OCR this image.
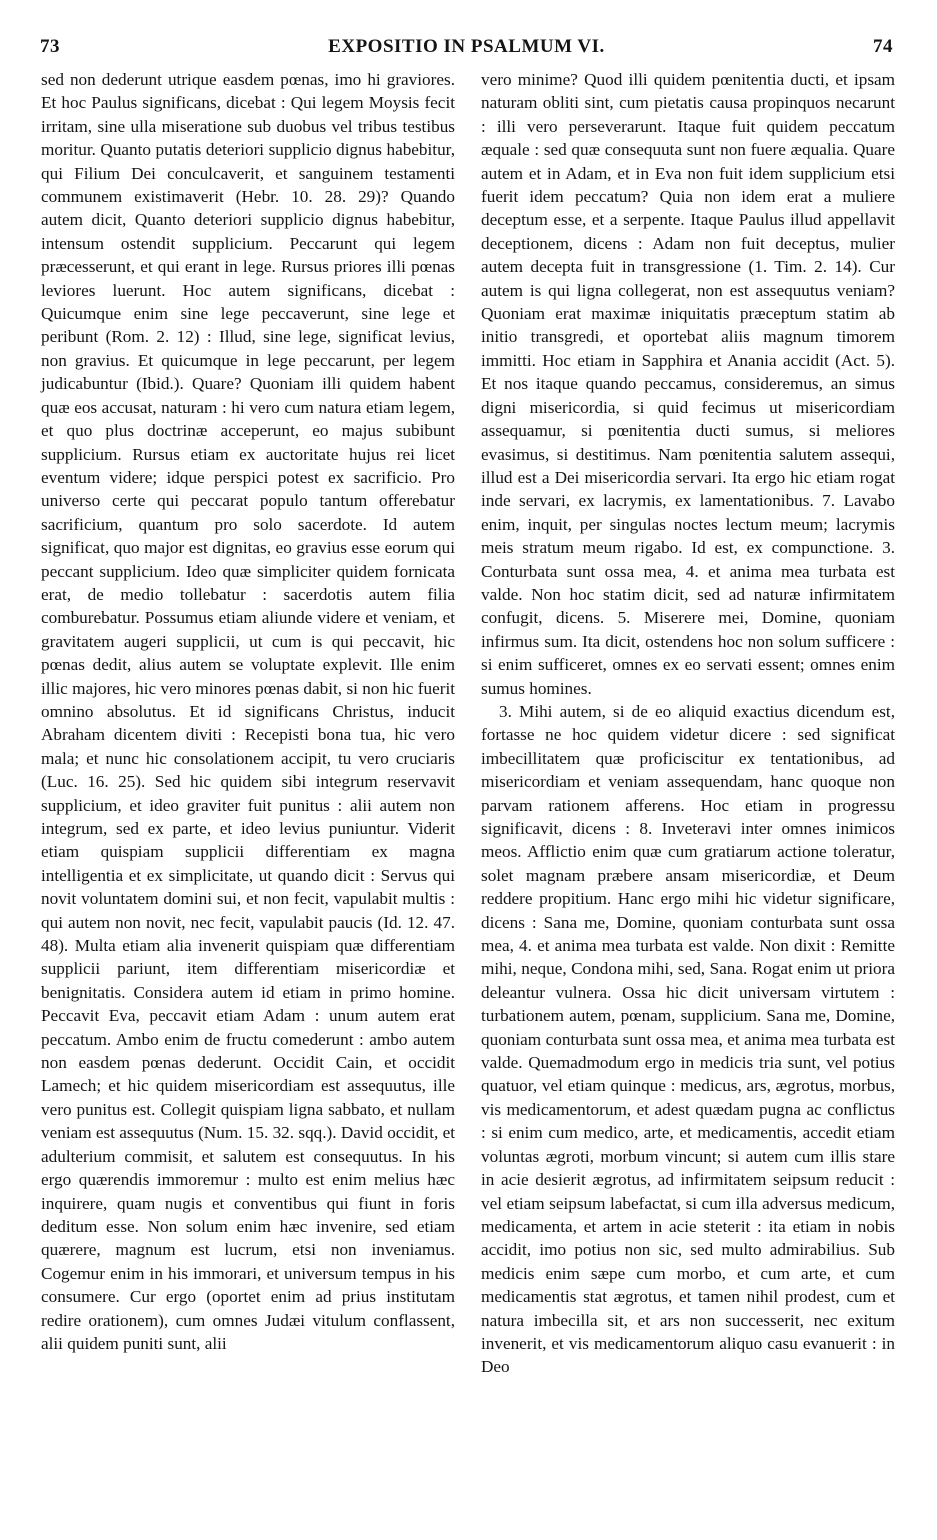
73	EXPOSITIO IN PSALMUM VI.	74

sed non dederunt utrique easdem pœnas, imo hi graviores. Et hoc Paulus significans, dicebat : Qui legem Moysis fecit irritam, sine ulla miseratione sub duobus vel tribus testibus moritur. Quanto putatis deteriori supplicio dignus habebitur, qui Filium Dei conculcaverit, et sanguinem testamenti communem existimaverit (Hebr. 10. 28. 29)? Quando autem dicit, Quanto deteriori supplicio dignus habebitur, intensum ostendit supplicium. Peccarunt qui legem præcesserunt, et qui erant in lege. Rursus priores illi pœnas leviores luerunt. Hoc autem significans, dicebat : Quicumque enim sine lege peccaverunt, sine lege et peribunt (Rom. 2. 12) : Illud, sine lege, significat levius, non gravius. Et quicumque in lege peccarunt, per legem judicabuntur (Ibid.). Quare? Quoniam illi quidem habent quæ eos accusat, naturam : hi vero cum natura etiam legem, et quo plus doctrinæ acceperunt, eo majus subibunt supplicium. Rursus etiam ex auctoritate hujus rei licet eventum videre; idque perspici potest ex sacrificio. Pro universo certe qui peccarat populo tantum offerebatur sacrificium, quantum pro solo sacerdote. Id autem significat, quo major est dignitas, eo gravius esse eorum qui peccant supplicium. Ideo quæ simpliciter quidem fornicata erat, de medio tollebatur : sacerdotis autem filia comburebatur. Possumus etiam aliunde videre et veniam, et gravitatem augeri supplicii, ut cum is qui peccavit, hic pœnas dedit, alius autem se voluptate explevit. Ille enim illic majores, hic vero minores pœnas dabit, si non hic fuerit omnino absolutus. Et id significans Christus, inducit Abraham dicentem diviti : Recepisti bona tua, hic vero mala; et nunc hic consolationem accipit, tu vero cruciaris (Luc. 16. 25). Sed hic quidem sibi integrum reservavit supplicium, et ideo graviter fuit punitus : alii autem non integrum, sed ex parte, et ideo levius puniuntur. Viderit etiam quispiam supplicii differentiam ex magna intelligentia et ex simplicitate, ut quando dicit : Servus qui novit voluntatem domini sui, et non fecit, vapulabit multis : qui autem non novit, nec fecit, vapulabit paucis (Id. 12. 47. 48). Multa etiam alia invenerit quispiam quæ differentiam supplicii pariunt, item differentiam misericordiæ et benignitatis. Considera autem id etiam in primo homine. Peccavit Eva, peccavit etiam Adam : unum autem erat peccatum. Ambo enim de fructu comederunt : ambo autem non easdem pœnas dederunt. Occidit Cain, et occidit Lamech; et hic quidem misericordiam est assequutus, ille vero punitus est. Collegit quispiam ligna sabbato, et nullam veniam est assequutus (Num. 15. 32. sqq.). David occidit, et adulterium commisit, et salutem est consequutus. In his ergo quærendis immoremur : multo est enim melius hæc inquirere, quam nugis et conventibus qui fiunt in foris deditum esse. Non solum enim hæc invenire, sed etiam quærere, magnum est lucrum, etsi non inveniamus. Cogemur enim in his immorari, et universum tempus in his consumere. Cur ergo (oportet enim ad prius institutam redire orationem), cum omnes Judæi vitulum conflassent, alii quidem puniti sunt, alii

vero minime? Quod illi quidem pœnitentia ducti, et ipsam naturam obliti sint, cum pietatis causa propinquos necarunt : illi vero perseverarunt. Itaque fuit quidem peccatum æquale : sed quæ consequuta sunt non fuere æqualia. Quare autem et in Adam, et in Eva non fuit idem supplicium etsi fuerit idem peccatum? Quia non idem erat a muliere deceptum esse, et a serpente. Itaque Paulus illud appellavit deceptionem, dicens : Adam non fuit deceptus, mulier autem decepta fuit in transgressione (1. Tim. 2. 14). Cur autem is qui ligna collegerat, non est assequutus veniam? Quoniam erat maximæ iniquitatis præceptum statim ab initio transgredi, et oportebat aliis magnum timorem immitti. Hoc etiam in Sapphira et Anania accidit (Act. 5). Et nos itaque quando peccamus, consideremus, an simus digni misericordia, si quid fecimus ut misericordiam assequamur, si pœnitentia ducti sumus, si meliores evasimus, si destitimus. Nam pœnitentia salutem assequi, illud est a Dei misericordia servari. Ita ergo hic etiam rogat inde servari, ex lacrymis, ex lamentationibus. 7. Lavabo enim, inquit, per singulas noctes lectum meum; lacrymis meis stratum meum rigabo. Id est, ex compunctione. 3. Conturbata sunt ossa mea, 4. et anima mea turbata est valde. Non hoc statim dicit, sed ad naturæ infirmitatem confugit, dicens. 5. Miserere mei, Domine, quoniam infirmus sum. Ita dicit, ostendens hoc non solum sufficere : si enim sufficeret, omnes ex eo servati essent; omnes enim sumus homines.

3. Mihi autem, si de eo aliquid exactius dicendum est, fortasse ne hoc quidem videtur dicere : sed significat imbecillitatem quæ proficiscitur ex tentationibus, ad misericordiam et veniam assequendam, hanc quoque non parvam rationem afferens. Hoc etiam in progressu significavit, dicens : 8. Inveteravi inter omnes inimicos meos. Afflictio enim quæ cum gratiarum actione toleratur, solet magnam præbere ansam misericordiæ, et Deum reddere propitium. Hanc ergo mihi hic videtur significare, dicens : Sana me, Domine, quoniam conturbata sunt ossa mea, 4. et anima mea turbata est valde. Non dixit : Remitte mihi, neque, Condona mihi, sed, Sana. Rogat enim ut priora deleantur vulnera. Ossa hic dicit universam virtutem : turbationem autem, pœnam, supplicium. Sana me, Domine, quoniam conturbata sunt ossa mea, et anima mea turbata est valde. Quemadmodum ergo in medicis tria sunt, vel potius quatuor, vel etiam quinque : medicus, ars, ægrotus, morbus, vis medicamentorum, et adest quædam pugna ac conflictus : si enim cum medico, arte, et medicamentis, accedit etiam voluntas ægroti, morbum vincunt; si autem cum illis stare in acie desierit ægrotus, ad infirmitatem seipsum reducit : vel etiam seipsum labefactat, si cum illa adversus medicum, medicamenta, et artem in acie steterit : ita etiam in nobis accidit, imo potius non sic, sed multo admirabilius. Sub medicis enim sæpe cum morbo, et cum arte, et cum medicamentis stat ægrotus, et tamen nihil prodest, cum et natura imbecilla sit, et ars non successerit, nec exitum invenerit, et vis medicamentorum aliquo casu evanuerit : in Deo
